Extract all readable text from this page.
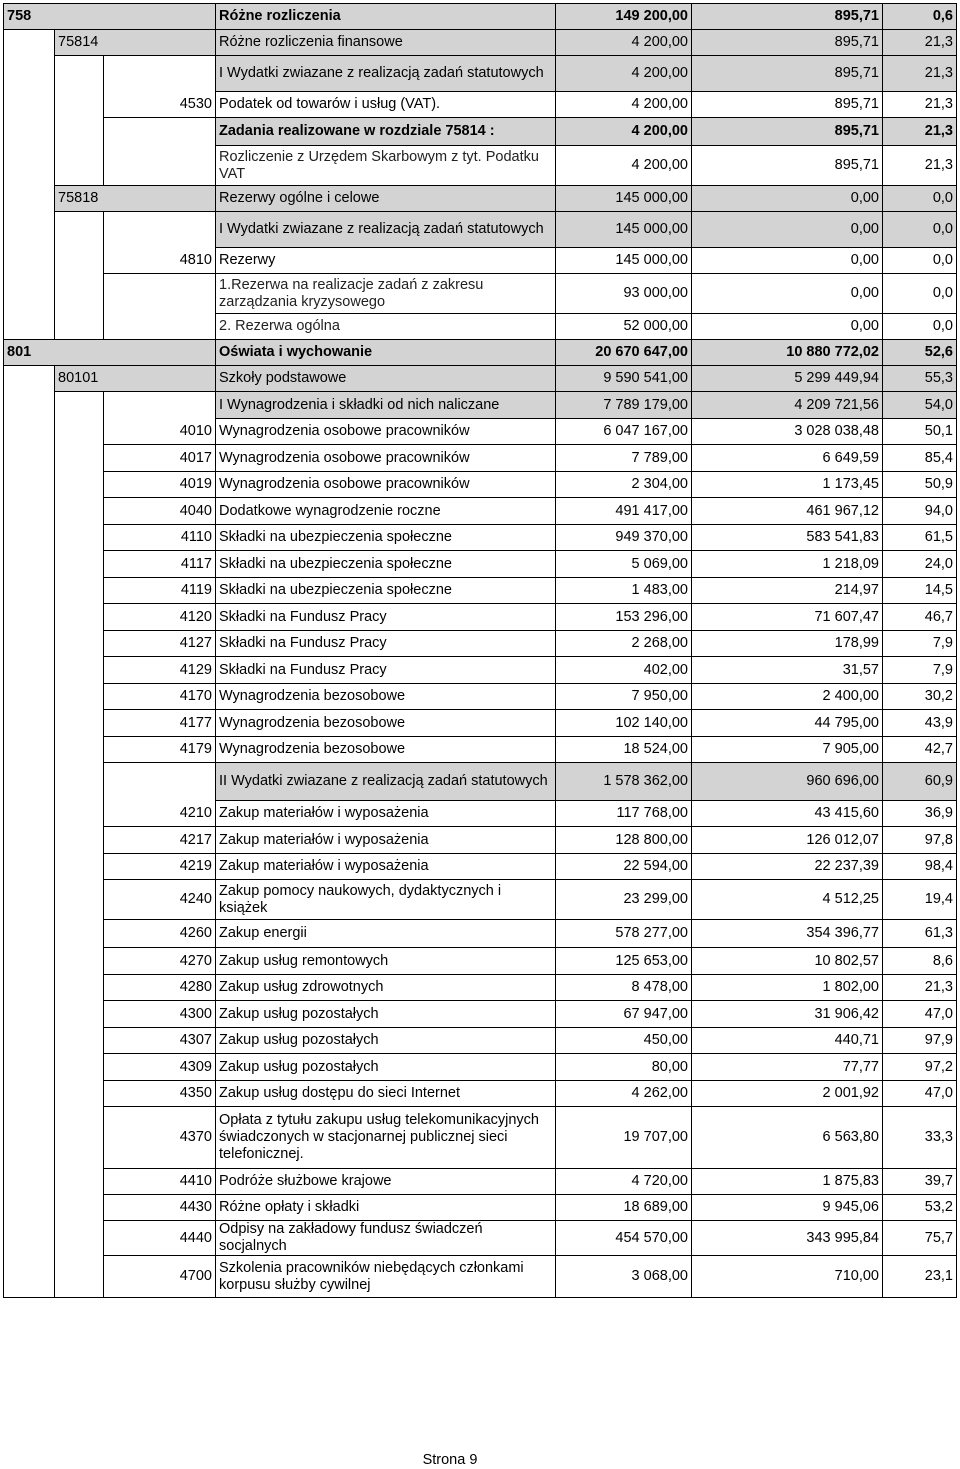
758			Różne rozliczenia	149 200,00	895,71	0,6
	75814		Różne rozliczenia finansowe	4 200,00	895,71	21,3
			I Wydatki zwiazane z realizacją zadań statutowych	4 200,00	895,71	21,3
		4530	Podatek od towarów i usług (VAT).	4 200,00	895,71	21,3
			Zadania realizowane w rozdziale 75814 :	4 200,00	895,71	21,3
			Rozliczenie z Urzędem Skarbowym z tyt. Podatku VAT	4 200,00	895,71	21,3
	75818		Rezerwy ogólne i celowe	145 000,00	0,00	0,0
			I Wydatki zwiazane z realizacją zadań statutowych	145 000,00	0,00	0,0
		4810	Rezerwy	145 000,00	0,00	0,0
			1.Rezerwa na realizacje zadań z zakresu zarządzania kryzysowego	93 000,00	0,00	0,0
			2. Rezerwa ogólna	52 000,00	0,00	0,0
801			Oświata i wychowanie	20 670 647,00	10 880 772,02	52,6
	80101		Szkoły podstawowe	9 590 541,00	5 299 449,94	55,3
			I Wynagrodzenia i składki od nich naliczane	7 789 179,00	4 209 721,56	54,0
		4010	Wynagrodzenia osobowe pracowników	6 047 167,00	3 028 038,48	50,1
		4017	Wynagrodzenia osobowe pracowników	7 789,00	6 649,59	85,4
		4019	Wynagrodzenia osobowe pracowników	2 304,00	1 173,45	50,9
		4040	Dodatkowe wynagrodzenie roczne	491 417,00	461 967,12	94,0
		4110	Składki na ubezpieczenia społeczne	949 370,00	583 541,83	61,5
		4117	Składki na ubezpieczenia społeczne	5 069,00	1 218,09	24,0
		4119	Składki na ubezpieczenia społeczne	1 483,00	214,97	14,5
		4120	Składki na Fundusz Pracy	153 296,00	71 607,47	46,7
		4127	Składki na Fundusz Pracy	2 268,00	178,99	7,9
		4129	Składki na Fundusz Pracy	402,00	31,57	7,9
		4170	Wynagrodzenia bezosobowe	7 950,00	2 400,00	30,2
		4177	Wynagrodzenia bezosobowe	102 140,00	44 795,00	43,9
		4179	Wynagrodzenia bezosobowe	18 524,00	7 905,00	42,7
			II Wydatki zwiazane z realizacją zadań statutowych	1 578 362,00	960 696,00	60,9
		4210	Zakup materiałów i wyposażenia	117 768,00	43 415,60	36,9
		4217	Zakup materiałów i wyposażenia	128 800,00	126 012,07	97,8
		4219	Zakup materiałów i wyposażenia	22 594,00	22 237,39	98,4
		4240	Zakup pomocy naukowych, dydaktycznych i książek	23 299,00	4 512,25	19,4
		4260	Zakup energii	578 277,00	354 396,77	61,3
		4270	Zakup usług remontowych	125 653,00	10 802,57	8,6
		4280	Zakup usług zdrowotnych	8 478,00	1 802,00	21,3
		4300	Zakup usług pozostałych	67 947,00	31 906,42	47,0
		4307	Zakup usług pozostałych	450,00	440,71	97,9
		4309	Zakup usług pozostałych	80,00	77,77	97,2
		4350	Zakup usług dostępu do sieci Internet	4 262,00	2 001,92	47,0
		4370	Opłata z tytułu zakupu usług telekomunikacyjnych świadczonych w stacjonarnej publicznej sieci telefonicznej.	19 707,00	6 563,80	33,3
		4410	Podróże służbowe krajowe	4 720,00	1 875,83	39,7
		4430	Różne opłaty i składki	18 689,00	9 945,06	53,2
		4440	Odpisy na zakładowy fundusz świadczeń socjalnych	454 570,00	343 995,84	75,7
		4700	Szkolenia pracowników niebędących członkami korpusu służby cywilnej	3 068,00	710,00	23,1
Strona 9
